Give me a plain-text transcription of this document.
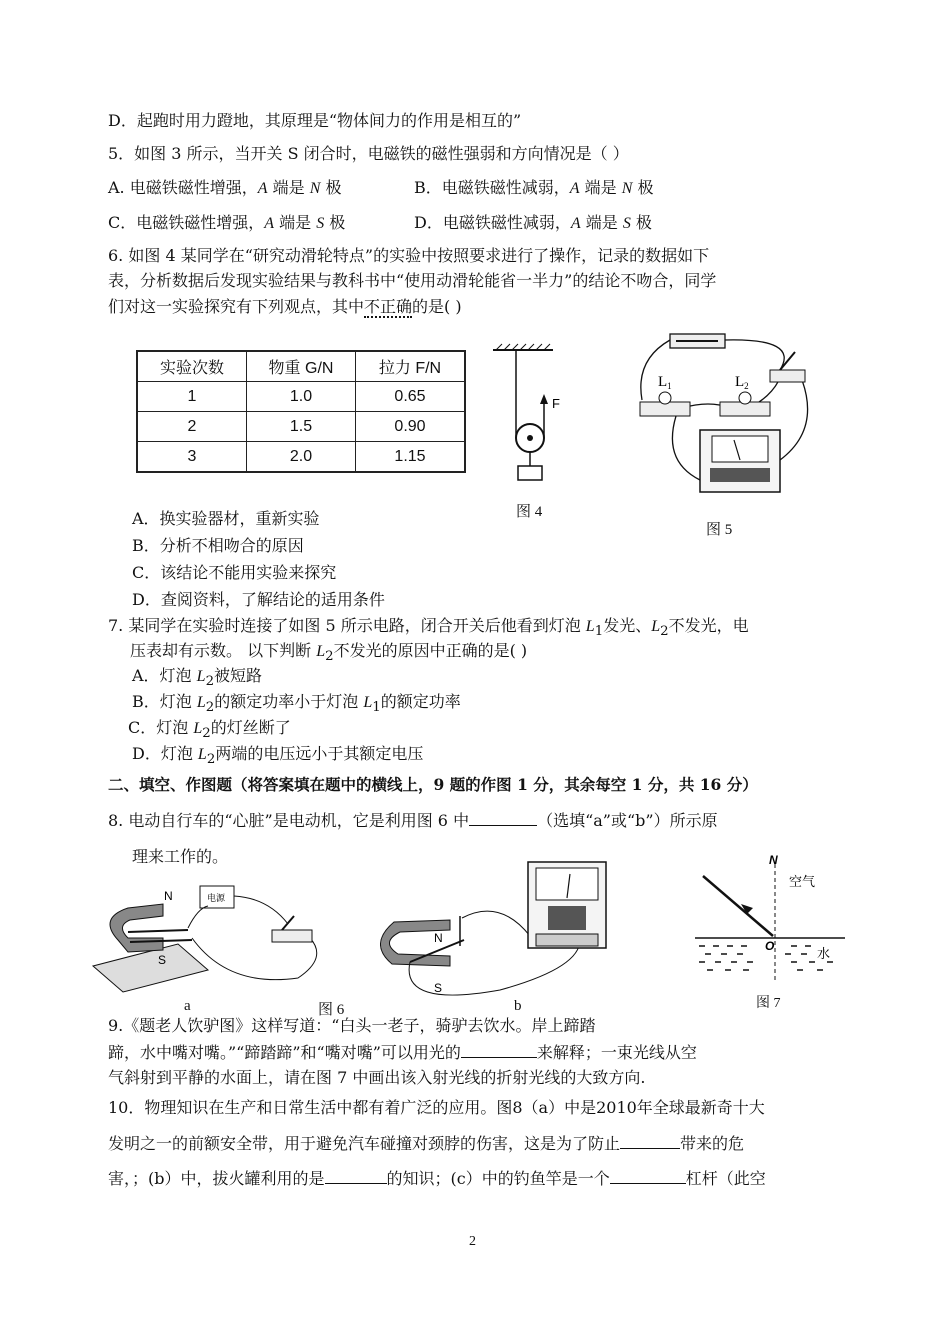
D．起跑时用力蹬地，其原理是“物体间力的作用是相互的”
5．如图 3 所示，当开关 S 闭合时，电磁铁的磁性强弱和方向情况是（ ）
A. 电磁铁磁性增强，A 端是 N 极	B．电磁铁磁性减弱，A 端是 N 极
C．电磁铁磁性增强，A 端是 S 极	D．电磁铁磁性减弱，A 端是 S 极
6. 如图 4 某同学在“研究动滑轮特点”的实验中按照要求进行了操作，记录的数据如下
表，分析数据后发现实验结果与教科书中“使用动滑轮能省一半力”的结论不吻合，同学
们对这一实验探究有下列观点，其中不正确的是( )
实验次数	物重 G/N	拉力 F/N
1	1.0	0.65
2	1.5	0.90
3	2.0	1.15
F
图 4
$L_1$	$L_2$
图 5
A．换实验器材，重新实验
B．分析不相吻合的原因
C．该结论不能用实验来探究
D．查阅资料，了解结论的适用条件
7. 某同学在实验时连接了如图 5 所示电路，闭合开关后他看到灯泡 $L_1$发光、$L_2$不发光，电
压表却有示数。 以下判断 $L_2$不发光的原因中正确的是( )
A．灯泡 $L_2$被短路
B．灯泡 $L_2$的额定功率小于灯泡 $L_1$的额定功率
C．灯泡 $L_2$的灯丝断了
D．灯泡 $L_2$两端的电压远小于其额定电压
二、填空、作图题（将答案填在题中的横线上，9 题的作图 1 分，其余每空 1 分，共 16 分）
8. 电动自行车的“心脏”是电动机，它是利用图 6 中	（选填“a”或“b”）所示原
理来工作的。
N
S
电源
a	图 6
N
S
b
N
空气
O
水
图 7
9.《题老人饮驴图》这样写道：“白头一老子，骑驴去饮水。岸上蹄踏
蹄，水中嘴对嘴。”“蹄踏蹄”和“嘴对嘴”可以用光的	来解释；一束光线从空
气斜射到平静的水面上，请在图 7 中画出该入射光线的折射光线的大致方向.
10．物理知识在生产和日常生活中都有着广泛的应用。图8（a）中是2010年全球最新奇十大
发明之一的前额安全带，用于避免汽车碰撞对颈脖的伤害，这是为了防止	带来的危
害，；(b）中，拔火罐利用的是	的知识；(c）中的钓鱼竿是一个	杠杆（此空
2
